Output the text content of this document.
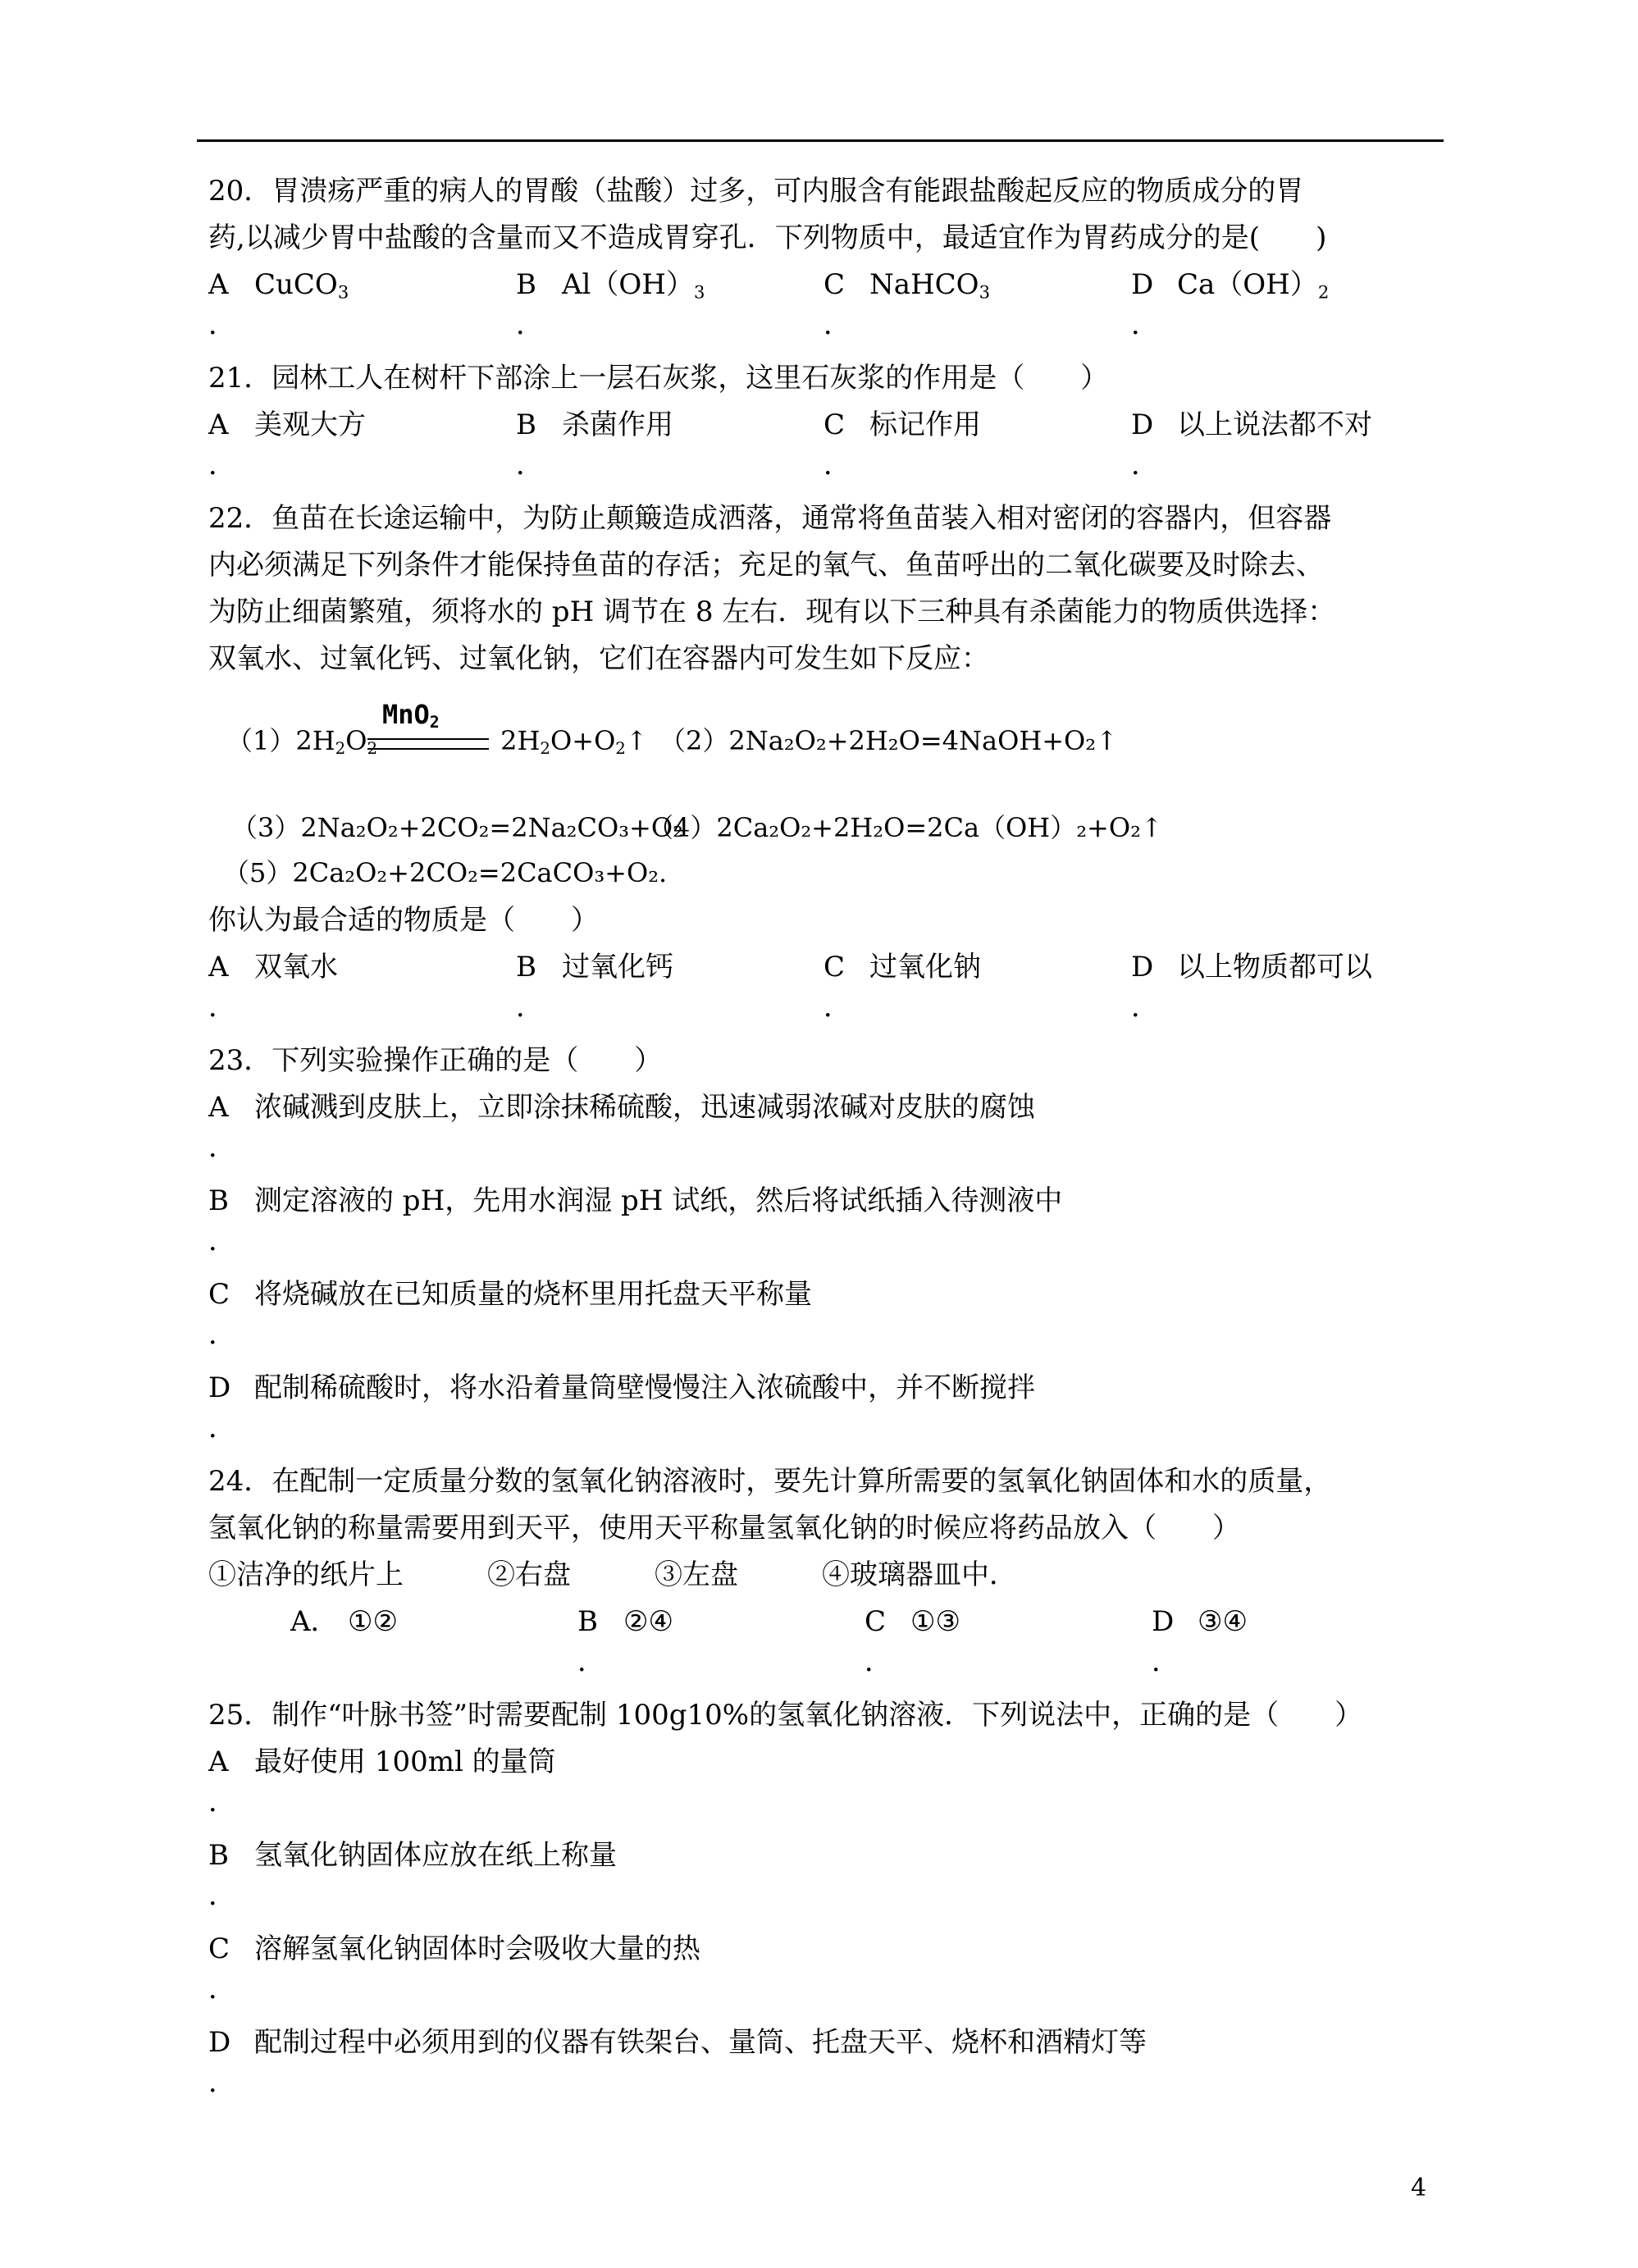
20．胃溃疡严重的病人的胃酸（盐酸）过多，可内服含有能跟盐酸起反应的物质成分的胃
药,以减少胃中盐酸的含量而又不造成胃穿孔．下列物质中，最适宜作为胃药成分的是(　　)
A CuCO$_3$	B $Al(OH)_3$	C NaHCO$_3$	D $Ca(OH)_2$
．	．	．	．
21．园林工人在树杆下部涂上一层石灰浆，这里石灰浆的作用是（　　）
A 美观大方	B 杀菌作用	C 标记作用	D 以上说法都不对
．	．	．	．
22．鱼苗在长途运输中，为防止颠簸造成洒落，通常将鱼苗装入相对密闭的容器内，但容器
内必须满足下列条件才能保持鱼苗的存活；充足的氧气、鱼苗呼出的二氧化碳要及时除去、
为防止细菌繁殖，须将水的 pH 调节在 8 左右．现有以下三种具有杀菌能力的物质供选择：
双氧水、过氧化钙、过氧化钠，它们在容器内可发生如下反应：
MnO$_2$
$(1)2H_2O_2$	$2H_2O+O_2↑$ （2）2Na₂O₂+2H₂O=4NaOH+O₂↑
（3）2Na₂O₂+2CO₂=2Na₂CO₃+O₂
（4）2Ca₂O₂+2H₂O=2Ca（OH）₂+O₂↑
（5）2Ca₂O₂+2CO₂=2CaCO₃+O₂.
你认为最合适的物质是（　　）
A 双氧水	B 过氧化钙	C 过氧化钠	D 以上物质都可以
．	．	．	．
23．下列实验操作正确的是（　　）
A 浓碱溅到皮肤上，立即涂抹稀硫酸，迅速减弱浓碱对皮肤的腐蚀
．
B 测定溶液的 pH，先用水润湿 pH 试纸，然后将试纸插入待测液中
．
C 将烧碱放在已知质量的烧杯里用托盘天平称量
．
D 配制稀硫酸时，将水沿着量筒壁慢慢注入浓硫酸中，并不断搅拌
．
24．在配制一定质量分数的氢氧化钠溶液时，要先计算所需要的氢氧化钠固体和水的质量，
氢氧化钠的称量需要用到天平，使用天平称量氢氧化钠的时候应将药品放入（　　）
①洁净的纸片上　　　②右盘　　　③左盘　　　④玻璃器皿中．
A． ①②	B ②④	C ①③	D ③④
．	．	．
25．制作“叶脉书签”时需要配制 100g10%的氢氧化钠溶液．下列说法中，正确的是（　　）
A 最好使用 100ml 的量筒
．
B 氢氧化钠固体应放在纸上称量
．
C 溶解氢氧化钠固体时会吸收大量的热
．
D 配制过程中必须用到的仪器有铁架台、量筒、托盘天平、烧杯和酒精灯等
．
4
